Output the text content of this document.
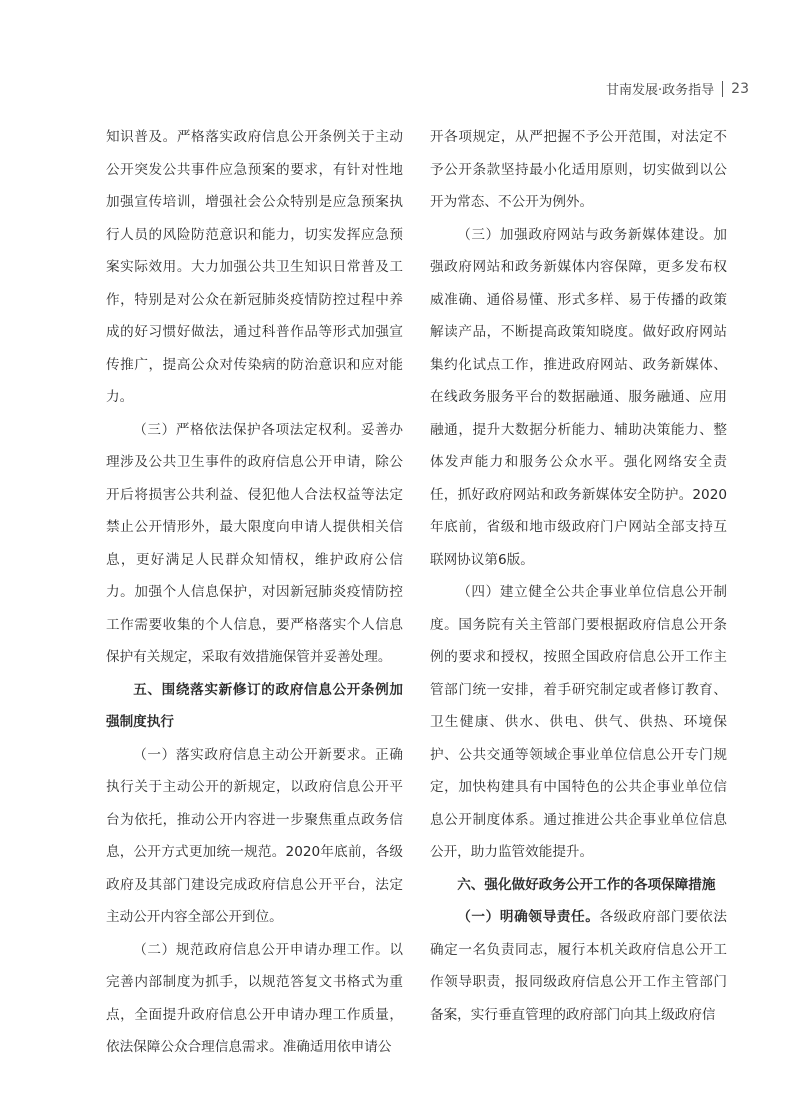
甘南发展·政务指导 23

知识普及。严格落实政府信息公开条例关于主动公开突发公共事件应急预案的要求，有针对性地加强宣传培训，增强社会公众特别是应急预案执行人员的风险防范意识和能力，切实发挥应急预案实际效用。大力加强公共卫生知识日常普及工作，特别是对公众在新冠肺炎疫情防控过程中养成的好习惯好做法，通过科普作品等形式加强宣传推广，提高公众对传染病的防治意识和应对能力。

（三）严格依法保护各项法定权利。妥善办理涉及公共卫生事件的政府信息公开申请，除公开后将损害公共利益、侵犯他人合法权益等法定禁止公开情形外，最大限度向申请人提供相关信息，更好满足人民群众知情权，维护政府公信力。加强个人信息保护，对因新冠肺炎疫情防控工作需要收集的个人信息，要严格落实个人信息保护有关规定，采取有效措施保管并妥善处理。

五、围绕落实新修订的政府信息公开条例加强制度执行

（一）落实政府信息主动公开新要求。正确执行关于主动公开的新规定，以政府信息公开平台为依托，推动公开内容进一步聚焦重点政务信息，公开方式更加统一规范。2020年底前，各级政府及其部门建设完成政府信息公开平台，法定主动公开内容全部公开到位。

（二）规范政府信息公开申请办理工作。以完善内部制度为抓手，以规范答复文书格式为重点，全面提升政府信息公开申请办理工作质量，依法保障公众合理信息需求。准确适用依申请公

开各项规定，从严把握不予公开范围，对法定不予公开条款坚持最小化适用原则，切实做到以公开为常态、不公开为例外。

（三）加强政府网站与政务新媒体建设。加强政府网站和政务新媒体内容保障，更多发布权威准确、通俗易懂、形式多样、易于传播的政策解读产品，不断提高政策知晓度。做好政府网站集约化试点工作，推进政府网站、政务新媒体、在线政务服务平台的数据融通、服务融通、应用融通，提升大数据分析能力、辅助决策能力、整体发声能力和服务公众水平。强化网络安全责任，抓好政府网站和政务新媒体安全防护。2020年底前，省级和地市级政府门户网站全部支持互联网协议第6版。

（四）建立健全公共企事业单位信息公开制度。国务院有关主管部门要根据政府信息公开条例的要求和授权，按照全国政府信息公开工作主管部门统一安排，着手研究制定或者修订教育、卫生健康、供水、供电、供气、供热、环境保护、公共交通等领域企事业单位信息公开专门规定，加快构建具有中国特色的公共企事业单位信息公开制度体系。通过推进公共企事业单位信息公开，助力监管效能提升。

六、强化做好政务公开工作的各项保障措施

（一）明确领导责任。各级政府部门要依法确定一名负责同志，履行本机关政府信息公开工作领导职责，报同级政府信息公开工作主管部门备案，实行垂直管理的政府部门向其上级政府信
